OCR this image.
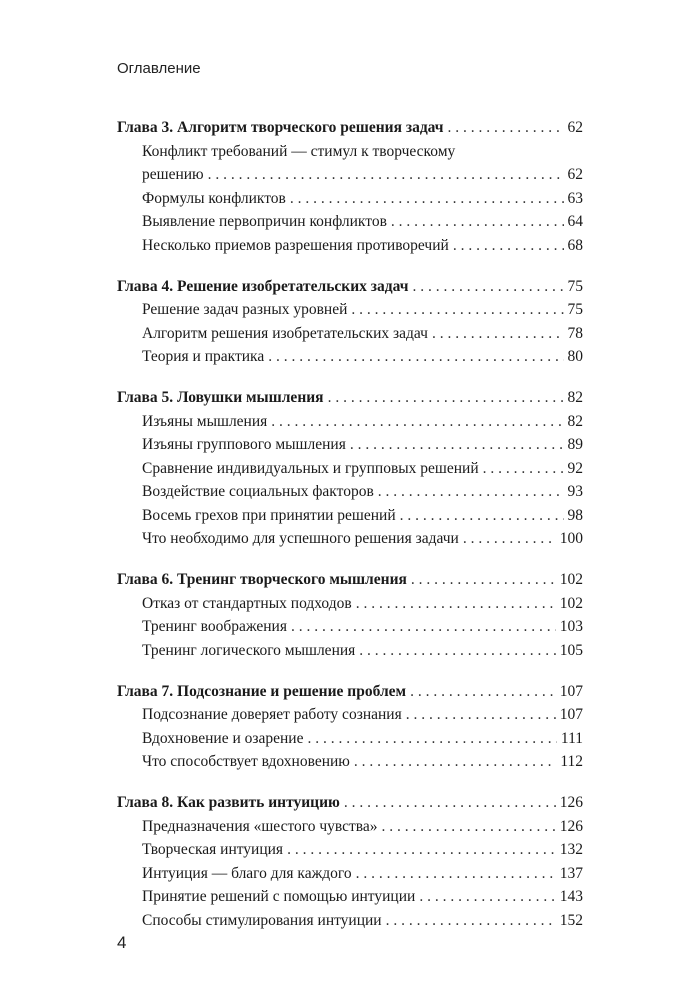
Оглавление
Глава 3. Алгоритм творческого решения задач . . .	62
Конфликт требований — стимул к творческому
решению . . .	62
Формулы конфликтов . . .	63
Выявление первопричин конфликтов . . .	64
Несколько приемов разрешения противоречий . . .	68
Глава 4. Решение изобретательских задач . . .	75
Решение задач разных уровней . . .	75
Алгоритм решения изобретательских задач . . .	78
Теория и практика . . .	80
Глава 5. Ловушки мышления . . .	82
Изъяны мышления . . .	82
Изъяны группового мышления . . .	89
Сравнение индивидуальных и групповых решений . . .	92
Воздействие социальных факторов . . .	93
Восемь грехов при принятии решений . . .	98
Что необходимо для успешного решения задачи . . .	100
Глава 6. Тренинг творческого мышления . . .	102
Отказ от стандартных подходов . . .	102
Тренинг воображения . . .	103
Тренинг логического мышления . . .	105
Глава 7. Подсознание и решение проблем . . .	107
Подсознание доверяет работу сознания . . .	107
Вдохновение и озарение . . .	111
Что способствует вдохновению . . .	112
Глава 8. Как развить интуицию . . .	126
Предназначения «шестого чувства» . . .	126
Творческая интуиция . . .	132
Интуиция — благо для каждого . . .	137
Принятие решений с помощью интуиции . . .	143
Способы стимулирования интуиции . . .	152
4
